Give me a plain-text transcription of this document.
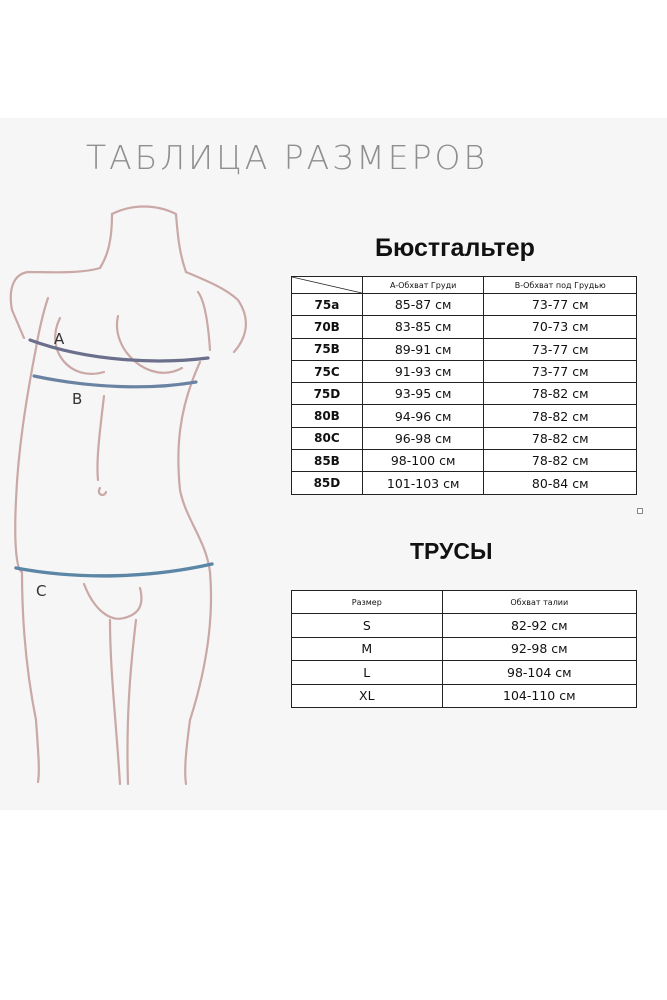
ТАБЛИЦА РАЗМЕРОВ
A
B
C
Бюстгальтер
	A-Обхват Груди	B-Обхват под Грудью
75a	85-87 см	73-77 см
70B	83-85 см	70-73 см
75B	89-91 см	73-77 см
75C	91-93 см	73-77 см
75D	93-95 см	78-82 см
80B	94-96 см	78-82 см
80C	96-98 см	78-82 см
85B	98-100 см	78-82 см
85D	101-103 см	80-84 см
ТРУСЫ
Размер	Обхват талии
S	82-92 см
M	92-98 см
L	98-104 см
XL	104-110 см
